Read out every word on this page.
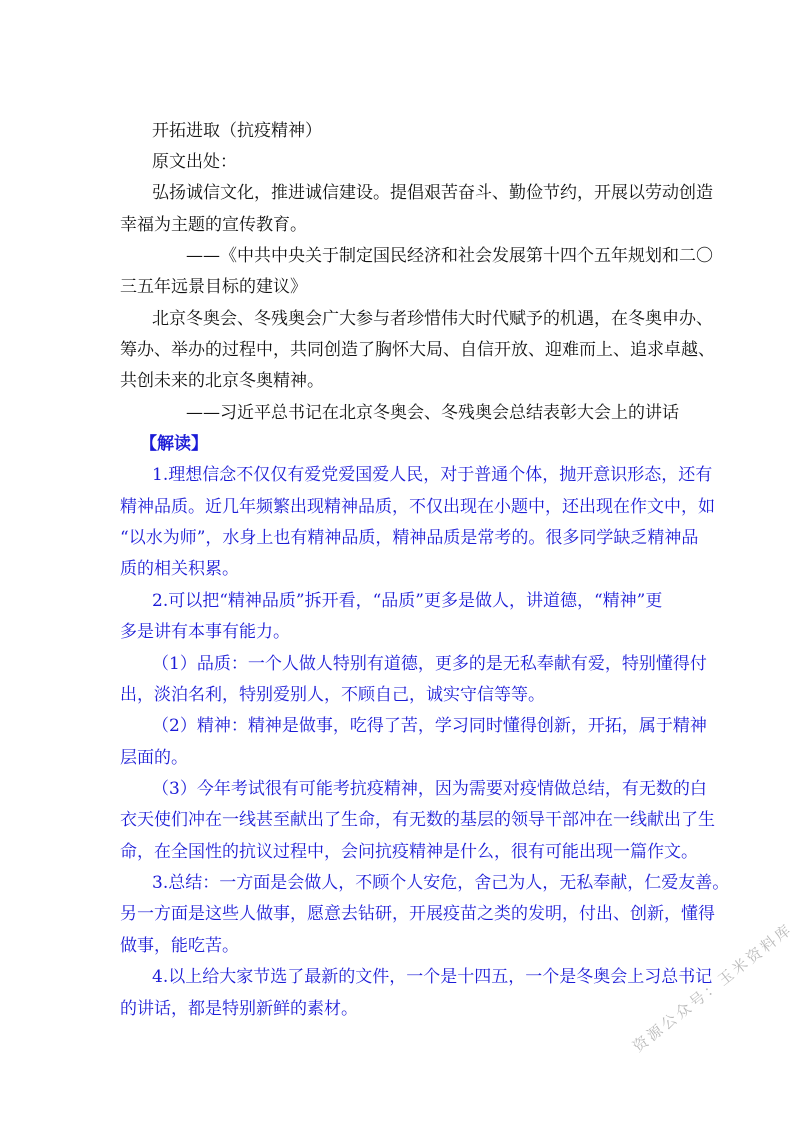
开拓进取（抗疫精神）
原文出处：
弘扬诚信文化，推进诚信建设。提倡艰苦奋斗、勤俭节约，开展以劳动创造
幸福为主题的宣传教育。
——《中共中央关于制定国民经济和社会发展第十四个五年规划和二〇
三五年远景目标的建议》
北京冬奥会、冬残奥会广大参与者珍惜伟大时代赋予的机遇，在冬奥申办、
筹办、举办的过程中，共同创造了胸怀大局、自信开放、迎难而上、追求卓越、
共创未来的北京冬奥精神。
——习近平总书记在北京冬奥会、冬残奥会总结表彰大会上的讲话
【解读】
1.理想信念不仅仅有爱党爱国爱人民，对于普通个体，抛开意识形态，还有
精神品质。近几年频繁出现精神品质，不仅出现在小题中，还出现在作文中，如
“以水为师”，水身上也有精神品质，精神品质是常考的。很多同学缺乏精神品
质的相关积累。
2.可以把“精神品质”拆开看，“品质”更多是做人，讲道德，“精神”更
多是讲有本事有能力。
（1）品质：一个人做人特别有道德，更多的是无私奉献有爱，特别懂得付
出，淡泊名利，特别爱别人，不顾自己，诚实守信等等。
（2）精神：精神是做事，吃得了苦，学习同时懂得创新，开拓，属于精神
层面的。
（3）今年考试很有可能考抗疫精神，因为需要对疫情做总结，有无数的白
衣天使们冲在一线甚至献出了生命，有无数的基层的领导干部冲在一线献出了生
命，在全国性的抗议过程中，会问抗疫精神是什么，很有可能出现一篇作文。
3.总结：一方面是会做人，不顾个人安危，舍己为人，无私奉献，仁爱友善。
另一方面是这些人做事，愿意去钻研，开展疫苗之类的发明，付出、创新，懂得
做事，能吃苦。
4.以上给大家节选了最新的文件，一个是十四五，一个是冬奥会上习总书记
的讲话，都是特别新鲜的素材。	资源公众号：玉米资料库
